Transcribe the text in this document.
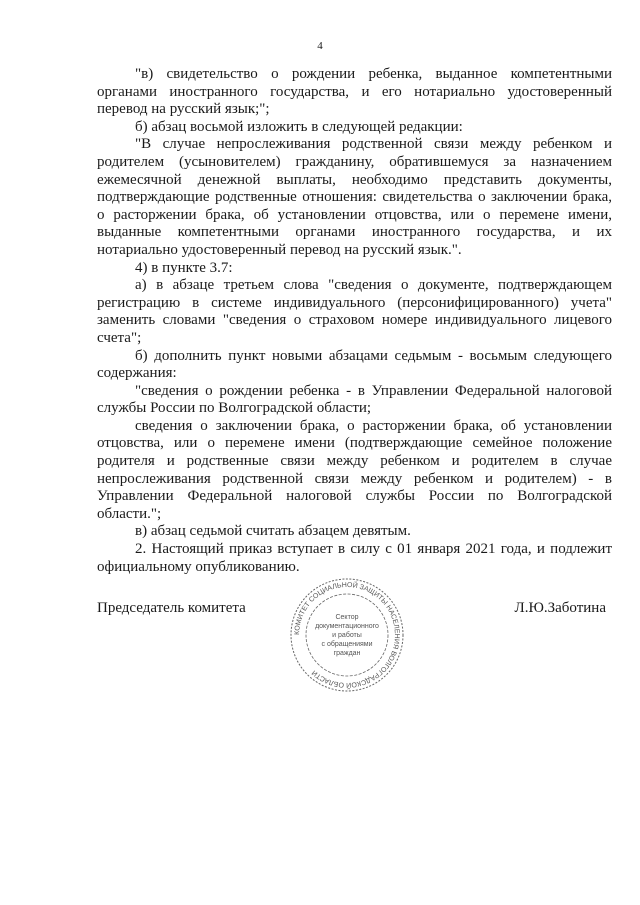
4

"в) свидетельство о рождении ребенка, выданное компетентными органами иностранного государства, и его нотариально удостоверенный перевод на русский язык;";

б) абзац восьмой изложить в следующей редакции:

"В случае непрослеживания родственной связи между ребенком и родителем (усыновителем) гражданину, обратившемуся за назначением ежемесячной денежной выплаты, необходимо представить документы, подтверждающие родственные отношения: свидетельства о заключении брака, о расторжении брака, об установлении отцовства, или о перемене имени, выданные компетентными органами иностранного государства, и их нотариально удостоверенный перевод на русский язык.".

4) в пункте 3.7:

а) в абзаце третьем слова "сведения о документе, подтверждающем регистрацию в системе индивидуального (персонифицированного) учета" заменить словами "сведения о страховом номере индивидуального лицевого счета";

б) дополнить пункт новыми абзацами седьмым - восьмым следующего содержания:

"сведения о рождении ребенка - в Управлении Федеральной налоговой службы России по Волгоградской области;

сведения о заключении брака, о расторжении брака, об установлении отцовства, или о перемене имени (подтверждающие семейное положение родителя и родственные связи между ребенком и родителем в случае непрослеживания родственной связи между ребенком и родителем) - в Управлении Федеральной налоговой службы России по Волгоградской области.";

в) абзац седьмой считать абзацем девятым.

2. Настоящий приказ вступает в силу с 01 января 2021 года, и подлежит официальному опубликованию.

Председатель комитета
КОМИТЕТ СОЦИАЛЬНОЙ ЗАЩИТЫ НАСЕЛЕНИЯ ВОЛГОГРАДСКОЙ ОБЛАСТИ
Сектор
документационного
и работы
с обращениями
граждан
Л.Ю.Заботина
